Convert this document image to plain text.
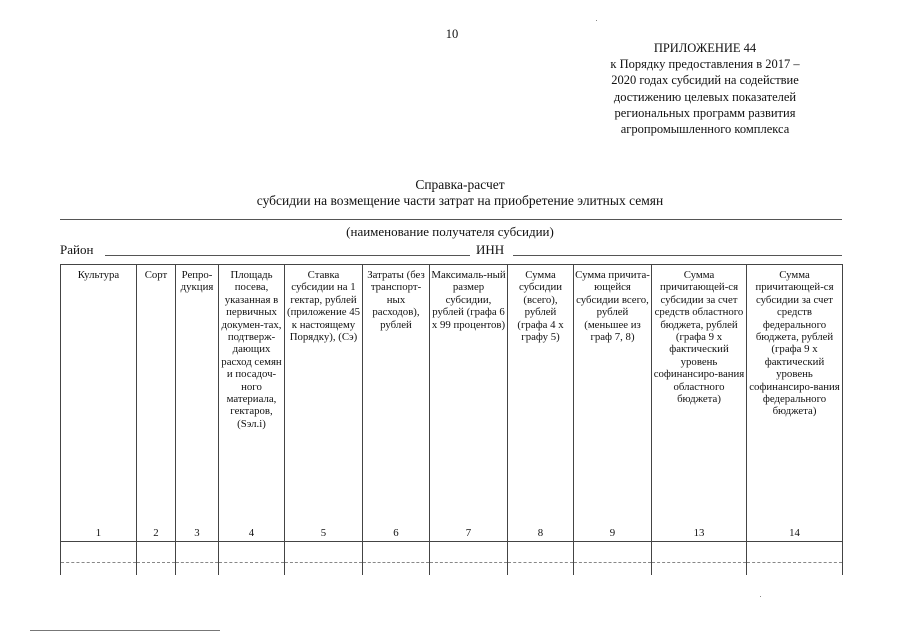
10
ПРИЛОЖЕНИЕ 44
к Порядку предоставления в 2017 –
2020 годах субсидий на содействие
достижению целевых показателей
региональных программ развития
агропромышленного комплекса
Справка-расчет
субсидии на возмещение части затрат на приобретение элитных семян
(наименование получателя субсидии)
Район	ИНН
Культура	Сорт	Репро-дукция	Площадь посева, указанная в первичных докумен-тах, подтверж-дающих расход семян и посадоч-ного материала, гектаров, (Sэл.i)	Ставка субсидии на 1 гектар, рублей (приложение 45 к настоящему Порядку), (Cэ)	Затраты (без транспорт-ных расходов), рублей	Максималь-ный размер субсидии, рублей (графа 6 х 99 процентов)	Сумма субсидии (всего), рублей (графа 4 х графу 5)	Сумма причита-ющейся субсидии всего, рублей (меньшее из граф 7, 8)	Сумма причитающей-ся субсидии за счет средств областного бюджета, рублей (графа 9 х фактический уровень софинансиро-вания областного бюджета)	Сумма причитающей-ся субсидии за счет средств федерального бюджета, рублей (графа 9 х фактический уровень софинансиро-вания федерального бюджета)
1	2	3	4	5	6	7	8	9	13	14
